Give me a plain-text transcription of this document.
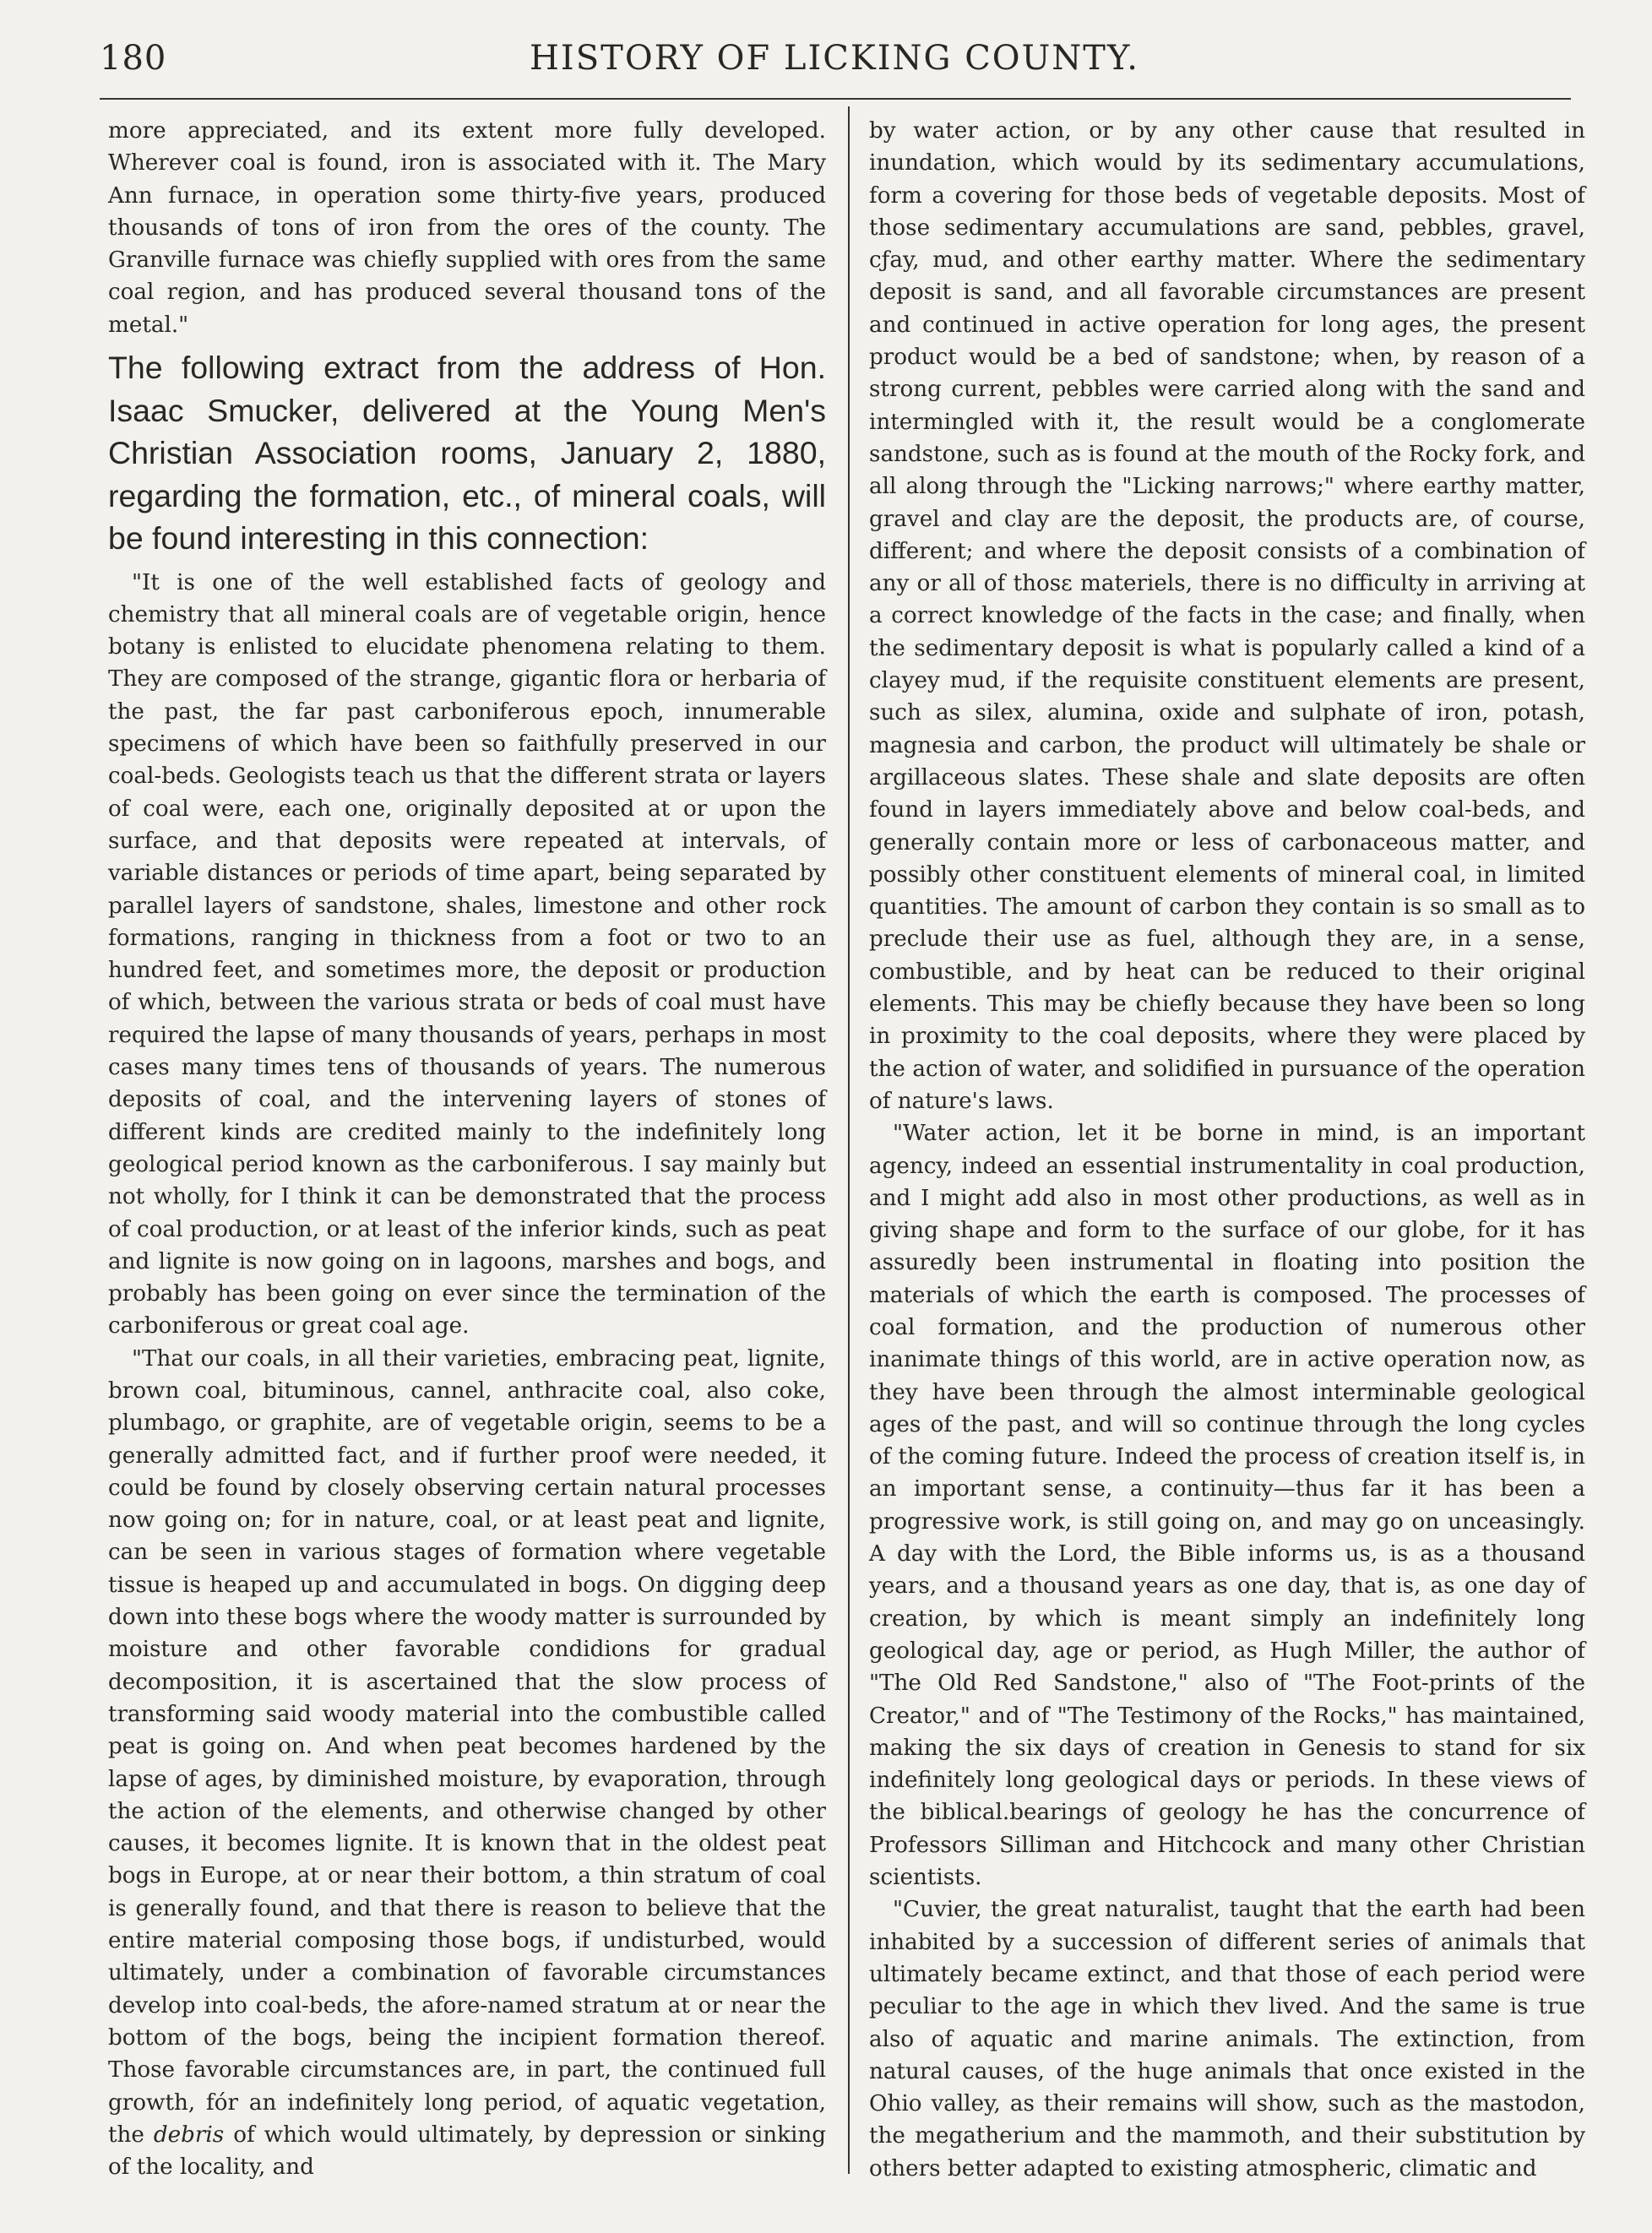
180	HISTORY OF LICKING COUNTY.

more appreciated, and its extent more fully developed. Wherever coal is found, iron is associated with it. The Mary Ann furnace, in operation some thirty-five years, produced thousands of tons of iron from the ores of the county. The Granville furnace was chiefly supplied with ores from the same coal region, and has produced several thousand tons of the metal."

The following extract from the address of Hon. Isaac Smucker, delivered at the Young Men's Christian Association rooms, January 2, 1880, regarding the formation, etc., of mineral coals, will be found interesting in this connection:

"It is one of the well established facts of geology and chemistry that all mineral coals are of vegetable origin, hence botany is enlisted to elucidate phenomena relating to them. They are composed of the strange, gigantic flora or herbaria of the past, the far past carboniferous epoch, innumerable specimens of which have been so faithfully preserved in our coal-beds. Geologists teach us that the different strata or layers of coal were, each one, originally deposited at or upon the surface, and that deposits were repeated at intervals, of variable distances or periods of time apart, being separated by parallel layers of sandstone, shales, limestone and other rock formations, ranging in thickness from a foot or two to an hundred feet, and sometimes more, the deposit or production of which, between the various strata or beds of coal must have required the lapse of many thousands of years, perhaps in most cases many times tens of thousands of years. The numerous deposits of coal, and the intervening layers of stones of different kinds are credited mainly to the indefinitely long geological period known as the carboniferous. I say mainly but not wholly, for I think it can be demonstrated that the process of coal production, or at least of the inferior kinds, such as peat and lignite is now going on in lagoons, marshes and bogs, and probably has been going on ever since the termination of the carboniferous or great coal age.

"That our coals, in all their varieties, embracing peat, lignite, brown coal, bituminous, cannel, anthracite coal, also coke, plumbago, or graphite, are of vegetable origin, seems to be a generally admitted fact, and if further proof were needed, it could be found by closely observing certain natural processes now going on; for in nature, coal, or at least peat and lignite, can be seen in various stages of formation where vegetable tissue is heaped up and accumulated in bogs. On digging deep down into these bogs where the woody matter is surrounded by moisture and other favorable condidions for gradual decomposition, it is ascertained that the slow process of transforming said woody material into the combustible called peat is going on. And when peat becomes hardened by the lapse of ages, by diminished moisture, by evaporation, through the action of the elements, and otherwise changed by other causes, it becomes lignite. It is known that in the oldest peat bogs in Europe, at or near their bottom, a thin stratum of coal is generally found, and that there is reason to believe that the entire material composing those bogs, if undisturbed, would ultimately, under a combination of favorable circumstances develop into coal-beds, the afore-named stratum at or near the bottom of the bogs, being the incipient formation thereof. Those favorable circumstances are, in part, the continued full growth, fόr an indefinitely long period, of aquatic vegetation, the debris of which would ultimately, by depression or sinking of the locality, and

by water action, or by any other cause that resulted in inundation, which would by its sedimentary accumulations, form a covering for those beds of vegetable deposits. Most of those sedimentary accumulations are sand, pebbles, gravel, cƒay, mud, and other earthy matter. Where the sedimentary deposit is sand, and all favorable circumstances are present and continued in active operation for long ages, the present product would be a bed of sandstone; when, by reason of a strong current, pebbles were carried along with the sand and intermingled with it, the result would be a conglomerate sandstone, such as is found at the mouth of the Rocky fork, and all along through the "Licking narrows;" where earthy matter, gravel and clay are the deposit, the products are, of course, different; and where the deposit consists of a combination of any or all of thosε materiels, there is no difficulty in arriving at a correct knowledge of the facts in the case; and finally, when the sedimentary deposit is what is popularly called a kind of a clayey mud, if the requisite constituent elements are present, such as silex, alumina, oxide and sulphate of iron, potash, magnesia and carbon, the product will ultimately be shale or argillaceous slates. These shale and slate deposits are often found in layers immediately above and below coal-beds, and generally contain more or less of carbonaceous matter, and possibly other constituent elements of mineral coal, in limited quantities. The amount of carbon they contain is so small as to preclude their use as fuel, although they are, in a sense, combustible, and by heat can be reduced to their original elements. This may be chiefly because they have been so long in proximity to the coal deposits, where they were placed by the action of water, and solidified in pursuance of the operation of nature's laws.

"Water action, let it be borne in mind, is an important agency, indeed an essential instrumentality in coal production, and I might add also in most other productions, as well as in giving shape and form to the surface of our globe, for it has assuredly been instrumental in floating into position the materials of which the earth is composed. The processes of coal formation, and the production of numerous other inanimate things of this world, are in active operation now, as they have been through the almost interminable geological ages of the past, and will so continue through the long cycles of the coming future. Indeed the process of creation itself is, in an important sense, a continuity—thus far it has been a progressive work, is still going on, and may go on unceasingly. A day with the Lord, the Bible informs us, is as a thousand years, and a thousand years as one day, that is, as one day of creation, by which is meant simply an indefinitely long geological day, age or period, as Hugh Miller, the author of "The Old Red Sandstone," also of "The Foot-prints of the Creator," and of "The Testimony of the Rocks," has maintained, making the six days of creation in Genesis to stand for six indefinitely long geological days or periods. In these views of the biblical.bearings of geology he has the concurrence of Professors Silliman and Hitchcock and many other Christian scientists.

"Cuvier, the great naturalist, taught that the earth had been inhabited by a succession of different series of animals that ultimately became extinct, and that those of each period were peculiar to the age in which thev lived. And the same is true also of aquatic and marine animals. The extinction, from natural causes, of the huge animals that once existed in the Ohio valley, as their remains will show, such as the mastodon, the megatherium and the mammoth, and their substitution by others better adapted to existing atmospheric, climatic and
